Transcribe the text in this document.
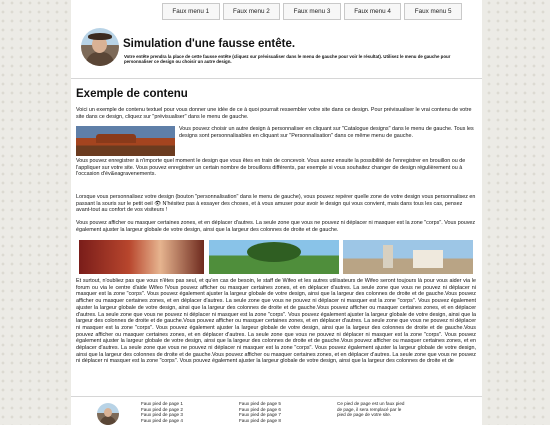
Faux menu 1	Faux menu 2	Faux menu 3	Faux menu 4	Faux menu 5
Simulation d'une fausse entête.
Votre entête prendra la place de cette fausse entête (cliquez sur prévisualiser dans le menu de gauche pour voir le résultat). Utilisez le menu de gauche pour personnaliser ce design ou choisir un autre design.
Exemple de contenu
Voici un exemple de contenu textuel pour vous donner une idée de ce à quoi pourrait ressembler votre site dans ce design. Pour prévisualiser le vrai contenu de votre site dans ce design, cliquez sur "prévisualiser" dans le menu de gauche.
Vous pouvez choisir un autre design à personnaliser en cliquant sur "Catalogue designs" dans le menu de gauche. Tous les designs sont personnalisables en cliquant sur "Personnalisation" dans ce même menu de gauche.
Vous pouvez enregistrer à n'importe quel moment le design que vous êtes en train de concevoir. Vous aurez ensuite la possibilité de l'enregistrer en brouillon ou de l'appliquer sur votre site. Vous pouvez enregistrer un certain nombre de brouillons différents, par exemple si vous souhaitez changer de design régulièrement ou à l'occasion d'év&eagravenements.
Lorsque vous personnalisez votre design (bouton "personnalisation" dans le menu de gauche), vous pouvez repérer quelle zone de votre design vous personnalisez en passant la souris sur le petit oeil 👁 N'hésitez pas à essayer des choses, et à vous amuser pour avoir le design qui vous convient, mais dans tous les cas, pensez avant-tout au confort de vos visiteurs !
Vous pouvez afficher ou masquer certaines zones, et en déplacer d'autres. La seule zone que vous ne pouvez ni déplacer ni masquer est la zone "corps". Vous pouvez également ajuster la largeur globale de votre design, ainsi que la largeur des colonnes de droite et de gauche.
Et surtout, n'oubliez pas que vous n'êtes pas seul, et qu'en cas de besoin, le staff de Wifeo et les autres utilisateurs de Wifeo seront toujours là pour vous aider via le forum ou via le centre d'aide Wifeo !Vous pouvez afficher ou masquer certaines zones, et en déplacer d'autres. La seule zone que vous ne pouvez ni déplacer ni masquer est la zone "corps". Vous pouvez également ajuster la largeur globale de votre design, ainsi que la largeur des colonnes de droite et de gauche.Vous pouvez afficher ou masquer certaines zones, et en déplacer d'autres. La seule zone que vous ne pouvez ni déplacer ni masquer est la zone "corps". Vous pouvez également ajuster la largeur globale de votre design, ainsi que la largeur des colonnes de droite et de gauche.Vous pouvez afficher ou masquer certaines zones, et en déplacer d'autres. La seule zone que vous ne pouvez ni déplacer ni masquer est la zone "corps". Vous pouvez également ajuster la largeur globale de votre design, ainsi que la largeur des colonnes de droite et de gauche.Vous pouvez afficher ou masquer certaines zones, et en déplacer d'autres. La seule zone que vous ne pouvez ni déplacer ni masquer est la zone "corps". Vous pouvez également ajuster la largeur globale de votre design, ainsi que la largeur des colonnes de droite et de gauche.Vous pouvez afficher ou masquer certaines zones, et en déplacer d'autres. La seule zone que vous ne pouvez ni déplacer ni masquer est la zone "corps". Vous pouvez également ajuster la largeur globale de votre design, ainsi que la largeur des colonnes de droite et de gauche.Vous pouvez afficher ou masquer certaines zones, et en déplacer d'autres. La seule zone que vous ne pouvez ni déplacer ni masquer est la zone "corps". Vous pouvez également ajuster la largeur globale de votre design, ainsi que la largeur des colonnes de droite et de gauche.Vous pouvez afficher ou masquer certaines zones, et en déplacer d'autres. La seule zone que vous ne pouvez ni déplacer ni masquer est la zone "corps". Vous pouvez également ajuster la largeur globale de votre design, ainsi que la largeur des colonnes de droite et de
Faux pied de page 1
Faux pied de page 2
Faux pied de page 3
Faux pied de page 4
Faux pied de page 5
Faux pied de page 6
Faux pied de page 7
Faux pied de page 8
Ce pied de page est un faux pied de page, il sera remplacé par le pied de page de votre site.
